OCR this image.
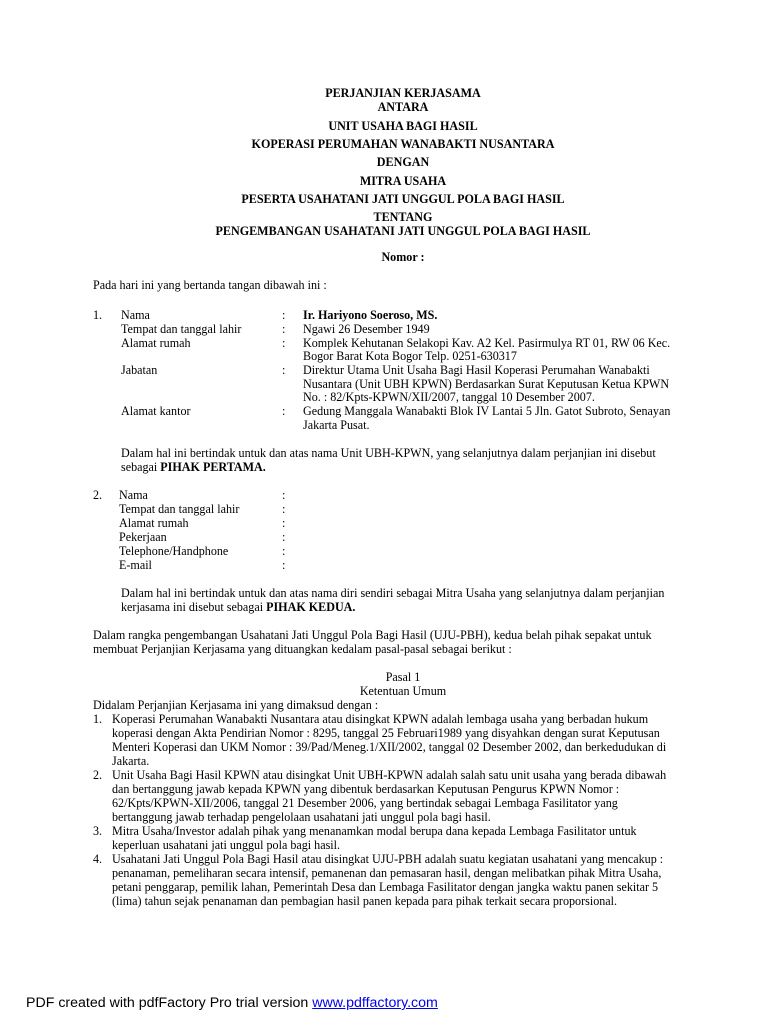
PERJANJIAN KERJASAMA
ANTARA
UNIT USAHA BAGI HASIL
KOPERASI PERUMAHAN WANABAKTI NUSANTARA
DENGAN
MITRA USAHA
PESERTA USAHATANI JATI UNGGUL POLA BAGI HASIL
TENTANG
PENGEMBANGAN USAHATANI JATI UNGGUL POLA BAGI HASIL
Nomor :
Pada hari ini yang bertanda tangan dibawah ini :
1. Nama	: Ir. Hariyono Soeroso, MS.
Tempat dan tanggal lahir	: Ngawi 26 Desember 1949
Alamat rumah	: Komplek Kehutanan Selakopi Kav. A2 Kel. Pasirmulya RT 01, RW 06 Kec.
Bogor Barat Kota Bogor Telp. 0251-630317
Jabatan	: Direktur Utama Unit Usaha Bagi Hasil Koperasi Perumahan Wanabakti
Nusantara (Unit UBH KPWN) Berdasarkan Surat Keputusan Ketua KPWN
No. : 82/Kpts-KPWN/XII/2007, tanggal 10 Desember 2007.
Alamat kantor	: Gedung Manggala Wanabakti Blok IV Lantai 5 Jln. Gatot Subroto, Senayan
Jakarta Pusat.
Dalam hal ini bertindak untuk dan atas nama Unit UBH-KPWN, yang selanjutnya dalam perjanjian ini disebut
sebagai PIHAK PERTAMA.
2. Nama	:
Tempat dan tanggal lahir	:
Alamat rumah	:
Pekerjaan	:
Telephone/Handphone	:
E-mail	:
Dalam hal ini bertindak untuk dan atas nama diri sendiri sebagai Mitra Usaha yang selanjutnya dalam perjanjian
kerjasama ini disebut sebagai PIHAK KEDUA.
Dalam rangka pengembangan Usahatani Jati Unggul Pola Bagi Hasil (UJU-PBH), kedua belah pihak sepakat untuk
membuat Perjanjian Kerjasama yang dituangkan kedalam pasal-pasal sebagai berikut :
Pasal 1
Ketentuan Umum
Didalam Perjanjian Kerjasama ini yang dimaksud dengan :
1. Koperasi Perumahan Wanabakti Nusantara atau disingkat KPWN adalah lembaga usaha yang berbadan hukum
koperasi dengan Akta Pendirian Nomor : 8295, tanggal 25 Februari1989 yang disyahkan dengan surat Keputusan
Menteri Koperasi dan UKM Nomor : 39/Pad/Meneg.1/XII/2002, tanggal 02 Desember 2002, dan berkedudukan di
Jakarta.
2. Unit Usaha Bagi Hasil KPWN atau disingkat Unit UBH-KPWN adalah salah satu unit usaha yang berada dibawah
dan bertanggung jawab kepada KPWN yang dibentuk berdasarkan Keputusan Pengurus KPWN Nomor :
62/Kpts/KPWN-XII/2006, tanggal 21 Desember 2006, yang bertindak sebagai Lembaga Fasilitator yang
bertanggung jawab terhadap pengelolaan usahatani jati unggul pola bagi hasil.
3. Mitra Usaha/Investor adalah pihak yang menanamkan modal berupa dana kepada Lembaga Fasilitator untuk
keperluan usahatani jati unggul pola bagi hasil.
4. Usahatani Jati Unggul Pola Bagi Hasil atau disingkat UJU-PBH adalah suatu kegiatan usahatani yang mencakup :
penanaman, pemeliharan secara intensif, pemanenan dan pemasaran hasil, dengan melibatkan pihak Mitra Usaha,
petani penggarap, pemilik lahan, Pemerintah Desa dan Lembaga Fasilitator dengan jangka waktu panen sekitar 5
(lima) tahun sejak penanaman dan pembagian hasil panen kepada para pihak terkait secara proporsional.
PDF created with pdfFactory Pro trial version www.pdffactory.com
